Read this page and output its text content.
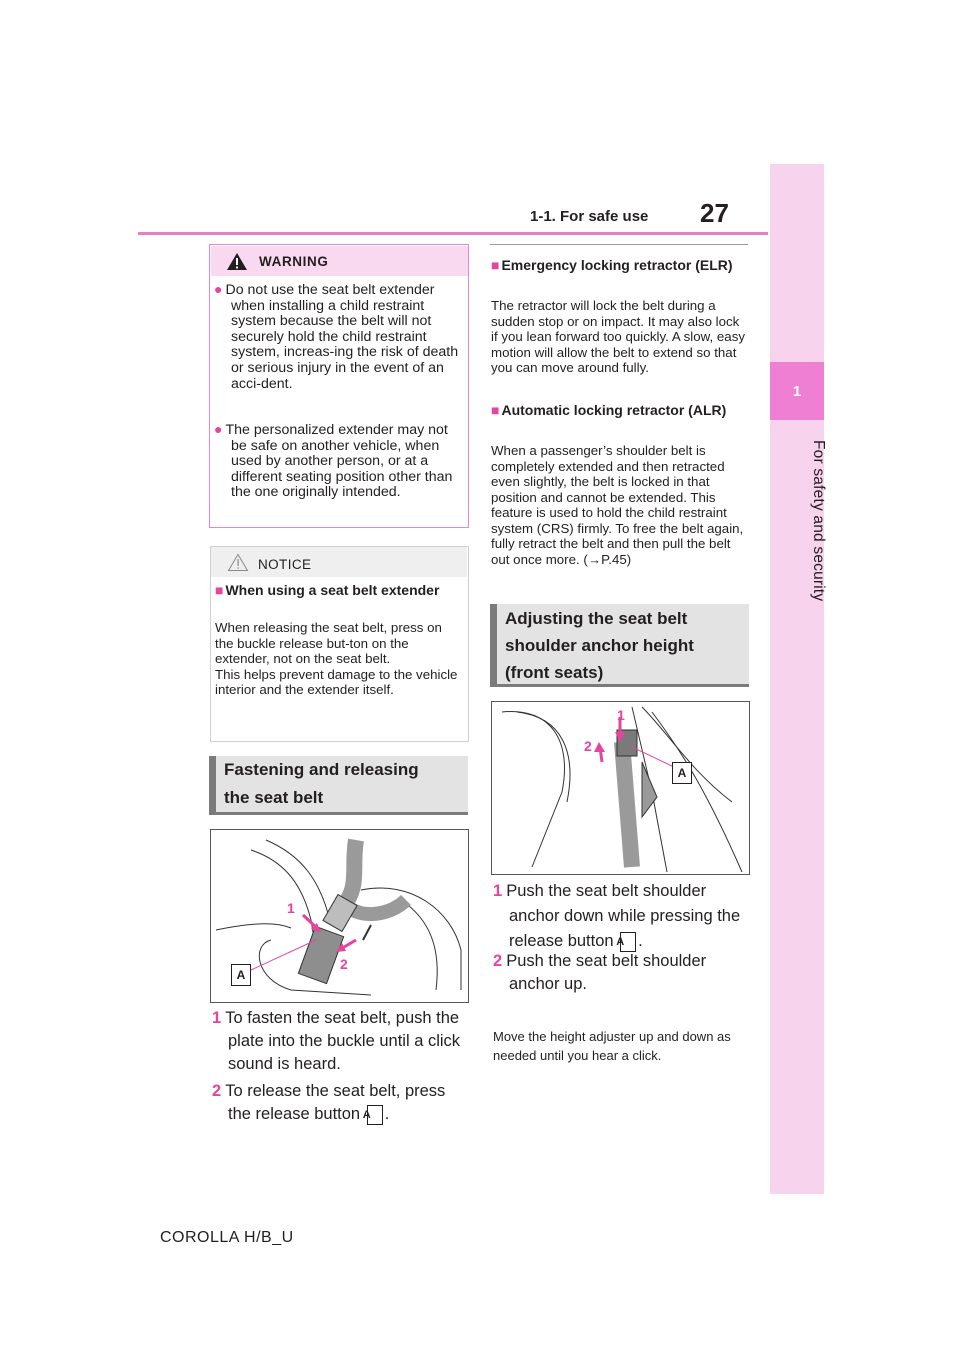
1-1. For safe use 27
1
For safety and security
WARNING
● Do not use the seat belt extender when installing a child restraint system because the belt will not securely hold the child restraint system, increas-ing the risk of death or serious injury in the event of an acci-dent.
● The personalized extender may not be safe on another vehicle, when used by another person, or at a different seating position other than the one originally intended.
NOTICE
■ When using a seat belt extender
When releasing the seat belt, press on the buckle release but-ton on the extender, not on the seat belt.
This helps prevent damage to the vehicle interior and the extender itself.
Fastening and releasing
the seat belt
1
2
A
1 To fasten the seat belt, push the plate into the buckle until a click sound is heard.
2 To release the seat belt, press the release button A .
■ Emergency locking retractor (ELR)
The retractor will lock the belt during a sudden stop or on impact. It may also lock if you lean forward too quickly. A slow, easy motion will allow the belt to extend so that you can move around fully.
■ Automatic locking retractor (ALR)
When a passenger’s shoulder belt is completely extended and then retracted even slightly, the belt is locked in that position and cannot be extended. This feature is used to hold the child restraint system (CRS) firmly. To free the belt again, fully retract the belt and then pull the belt out once more. (→P.45)
Adjusting the seat belt
shoulder anchor height
(front seats)
1
2
A
1 Push the seat belt shoulder anchor down while pressing the release button A .
2 Push the seat belt shoulder anchor up.
Move the height adjuster up and down as needed until you hear a click.
COROLLA H/B_U
